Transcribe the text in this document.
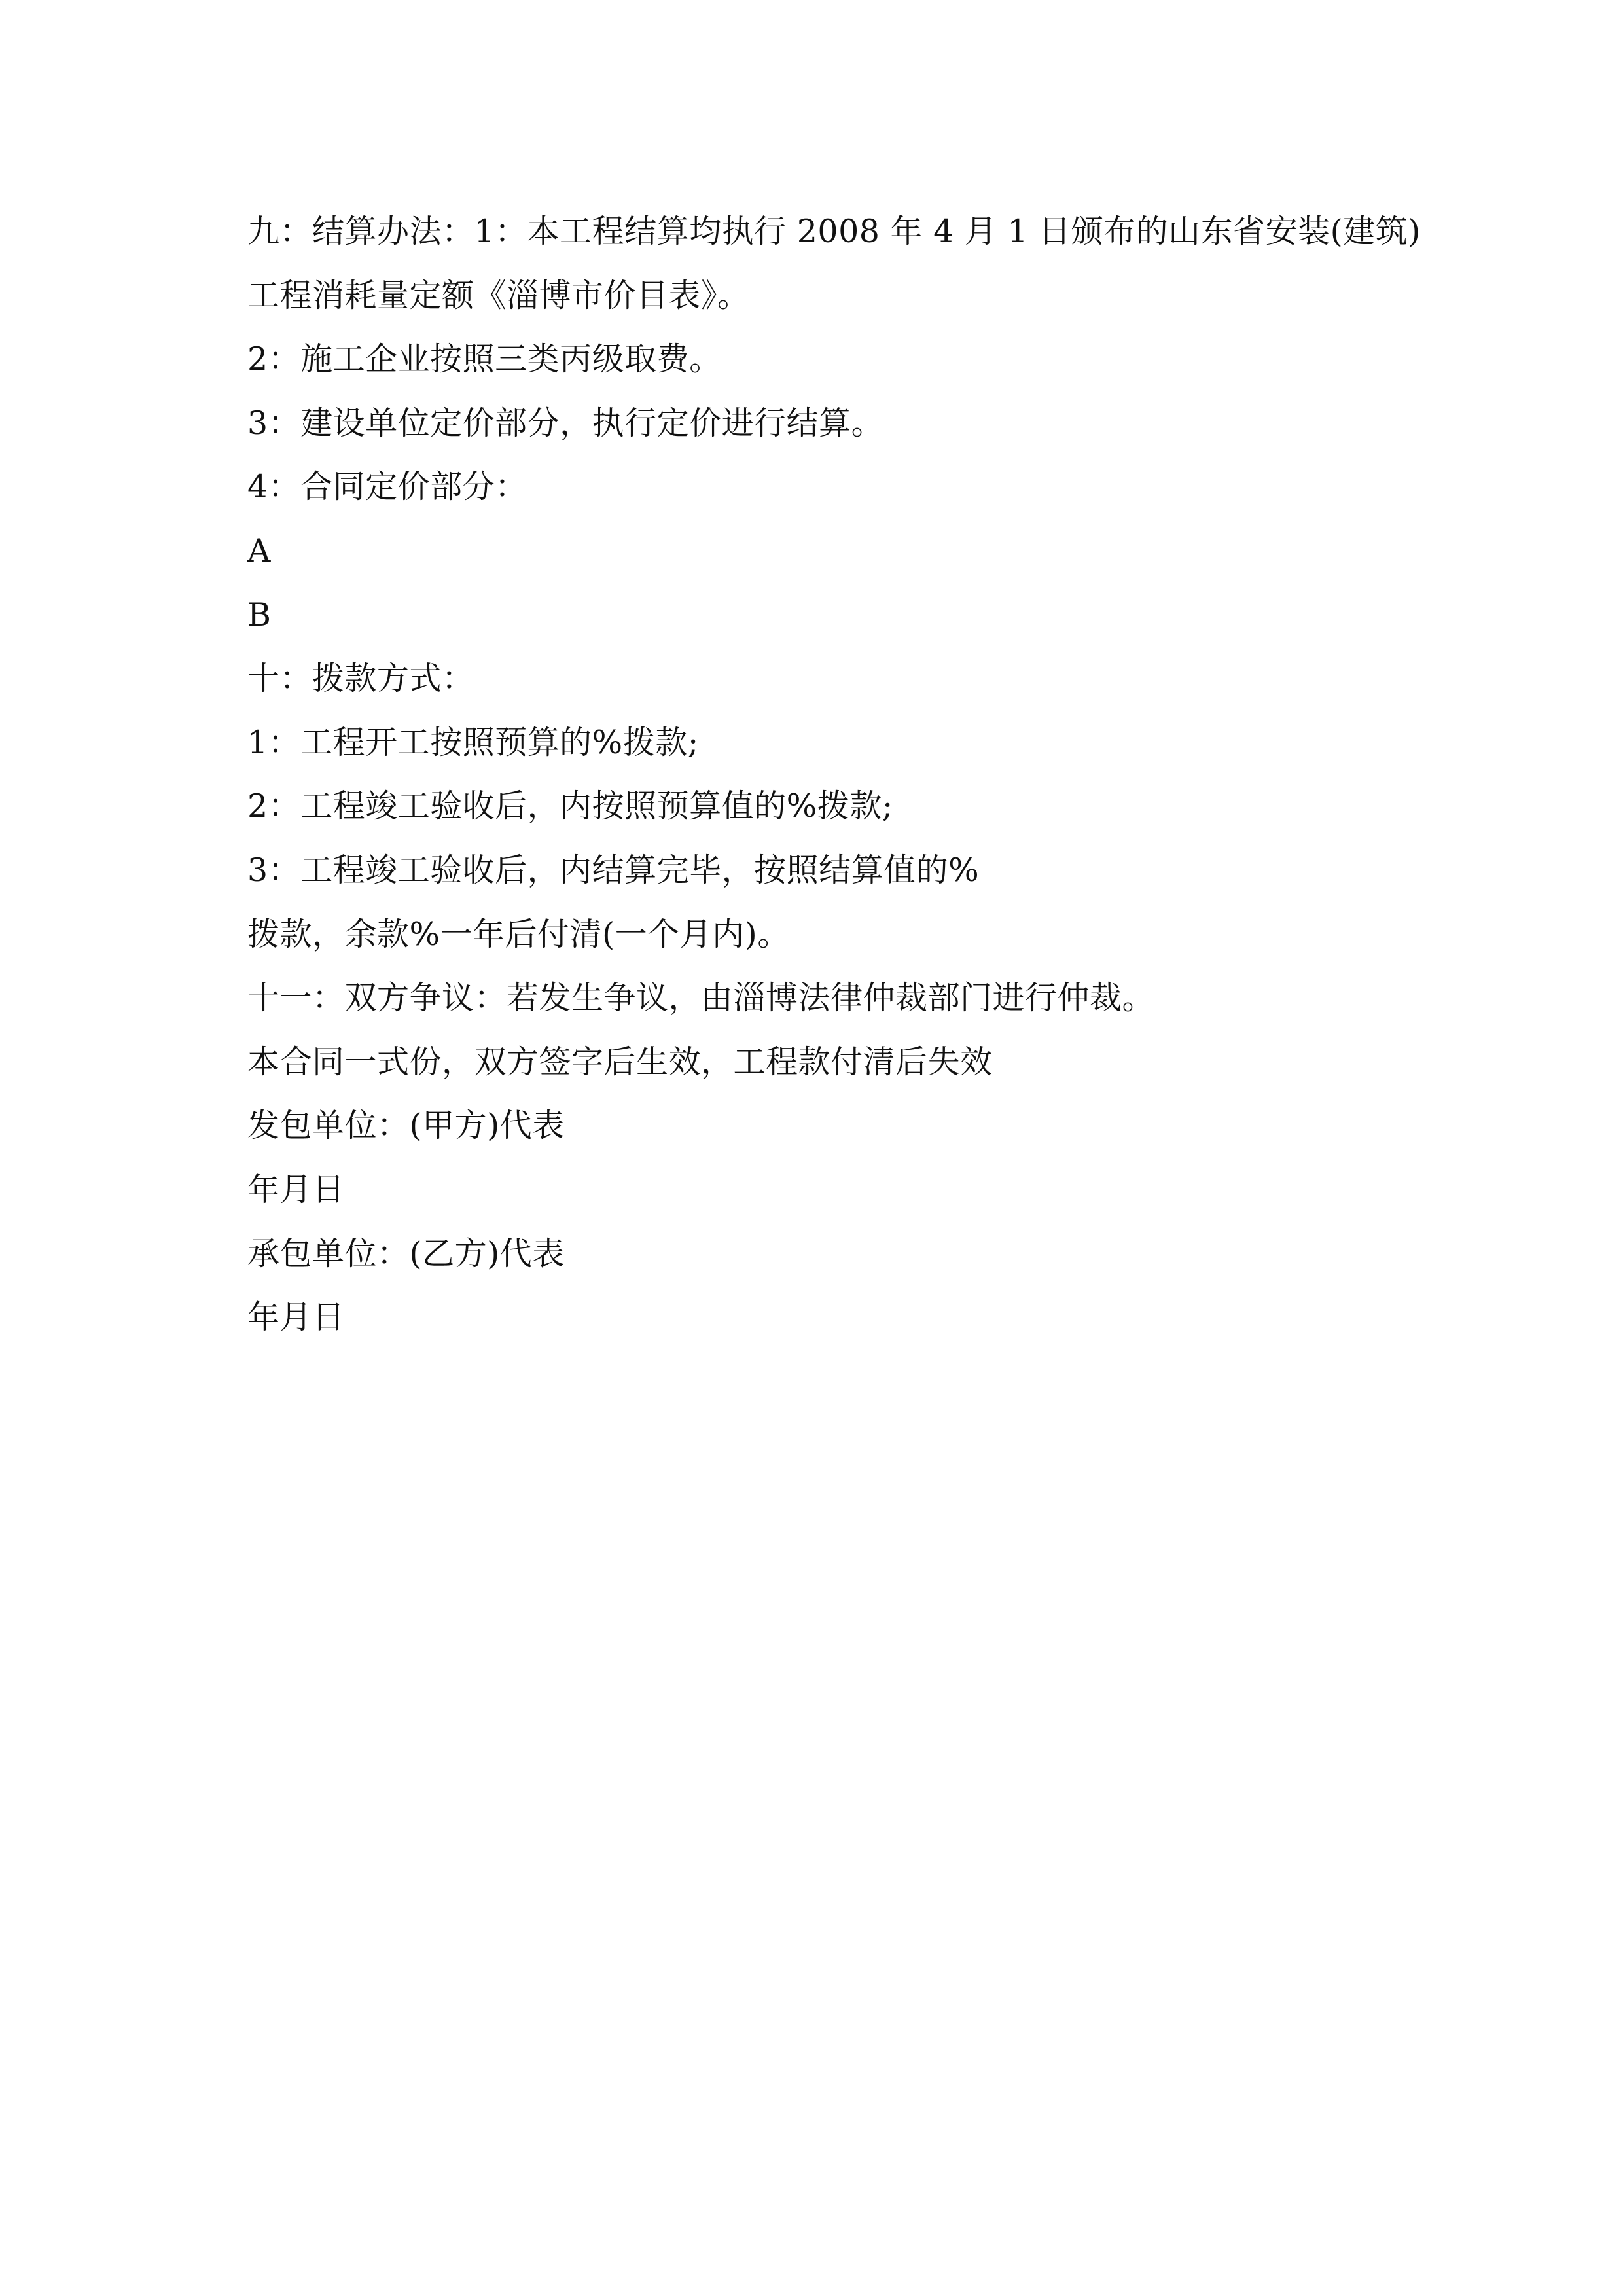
九：结算办法：1：本工程结算均执行 2008 年 4 月 1 日颁布的山东省安装(建筑)
工程消耗量定额《淄博市价目表》。
2：施工企业按照三类丙级取费。
3：建设单位定价部分，执行定价进行结算。
4：合同定价部分：
A
B
十：拨款方式：
1：工程开工按照预算的%拨款;
2：工程竣工验收后，内按照预算值的%拨款;
3：工程竣工验收后，内结算完毕，按照结算值的%
拨款，余款%一年后付清(一个月内)。
十一：双方争议：若发生争议，由淄博法律仲裁部门进行仲裁。
本合同一式份，双方签字后生效，工程款付清后失效
发包单位：(甲方)代表
年月日
承包单位：(乙方)代表
年月日
